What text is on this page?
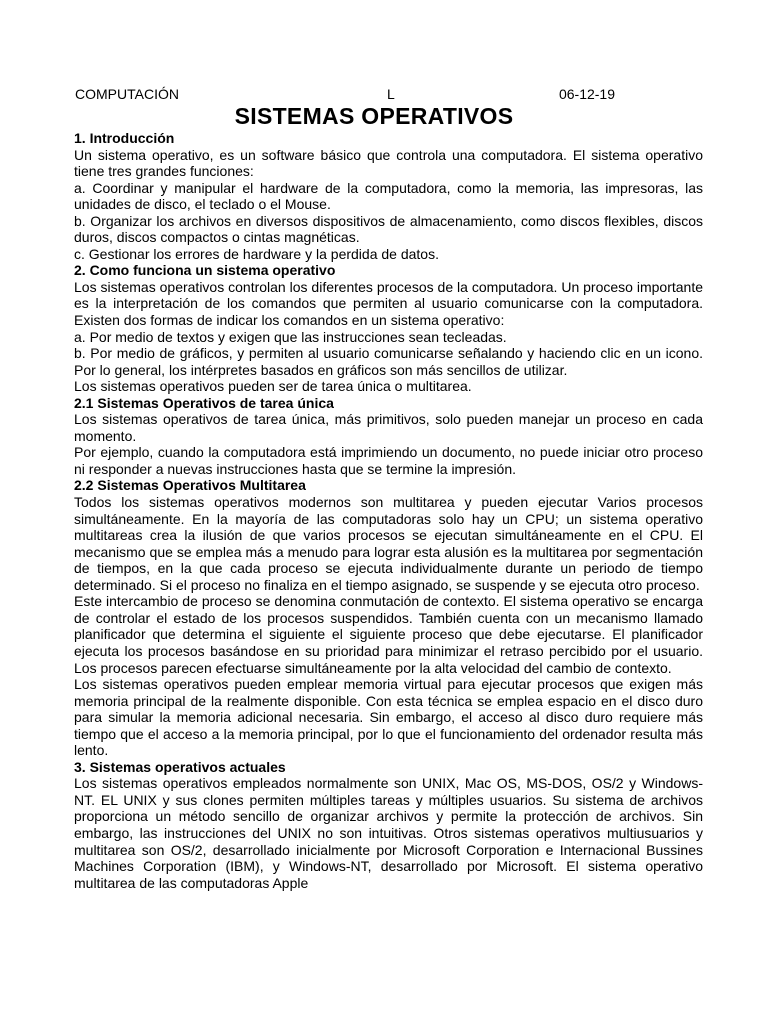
COMPUTACIÓN	L	06-12-19
SISTEMAS OPERATIVOS
1. Introducción

Un sistema operativo, es un software básico que controla una computadora. El sistema operativo tiene tres grandes funciones:

a. Coordinar y manipular el hardware de la computadora, como la memoria, las impresoras, las unidades de disco, el teclado o el Mouse.

b. Organizar los archivos en diversos dispositivos de almacenamiento, como discos flexibles, discos duros, discos compactos o cintas magnéticas.

c. Gestionar los errores de hardware y la perdida de datos.

2. Como funciona un sistema operativo

Los sistemas operativos controlan los diferentes procesos de la computadora. Un proceso importante es la interpretación de los comandos que permiten al usuario comunicarse con la computadora. Existen dos formas de indicar los comandos en un sistema operativo:

a. Por medio de textos y exigen que las instrucciones sean tecleadas.

b. Por medio de gráficos, y permiten al usuario comunicarse señalando y haciendo clic en un icono. Por lo general, los intérpretes basados en gráficos son más sencillos de utilizar.

Los sistemas operativos pueden ser de tarea única o multitarea.

2.1 Sistemas Operativos de tarea única

Los sistemas operativos de tarea única, más primitivos, solo pueden manejar un proceso en cada momento.

Por ejemplo, cuando la computadora está imprimiendo un documento, no puede iniciar otro proceso ni responder a nuevas instrucciones hasta que se termine la impresión.

2.2 Sistemas Operativos Multitarea

Todos los sistemas operativos modernos son multitarea y pueden ejecutar Varios procesos simultáneamente. En la mayoría de las computadoras solo hay un CPU; un sistema operativo multitareas crea la ilusión de que varios procesos se ejecutan simultáneamente en el CPU. El mecanismo que se emplea más a menudo para lograr esta alusión es la multitarea por segmentación de tiempos, en la que cada proceso se ejecuta individualmente durante un periodo de tiempo determinado. Si el proceso no finaliza en el tiempo asignado, se suspende y se ejecuta otro proceso.

Este intercambio de proceso se denomina conmutación de contexto. El sistema operativo se encarga de controlar el estado de los procesos suspendidos. También cuenta con un mecanismo llamado planificador que determina el siguiente el siguiente proceso que debe ejecutarse. El planificador ejecuta los procesos basándose en su prioridad para minimizar el retraso percibido por el usuario. Los procesos parecen efectuarse simultáneamente por la alta velocidad del cambio de contexto.

Los sistemas operativos pueden emplear memoria virtual para ejecutar procesos que exigen más memoria principal de la realmente disponible. Con esta técnica se emplea espacio en el disco duro para simular la memoria adicional necesaria. Sin embargo, el acceso al disco duro requiere más tiempo que el acceso a la memoria principal, por lo que el funcionamiento del ordenador resulta más lento.

3. Sistemas operativos actuales

Los sistemas operativos empleados normalmente son UNIX, Mac OS, MS-DOS, OS/2 y Windows-NT. EL UNIX y sus clones permiten múltiples tareas y múltiples usuarios. Su sistema de archivos proporciona un método sencillo de organizar archivos y permite la protección de archivos. Sin embargo, las instrucciones del UNIX no son intuitivas. Otros sistemas operativos multiusuarios y multitarea son OS/2, desarrollado inicialmente por Microsoft Corporation e Internacional Bussines Machines Corporation (IBM), y Windows-NT, desarrollado por Microsoft. El sistema operativo multitarea de las computadoras Apple
